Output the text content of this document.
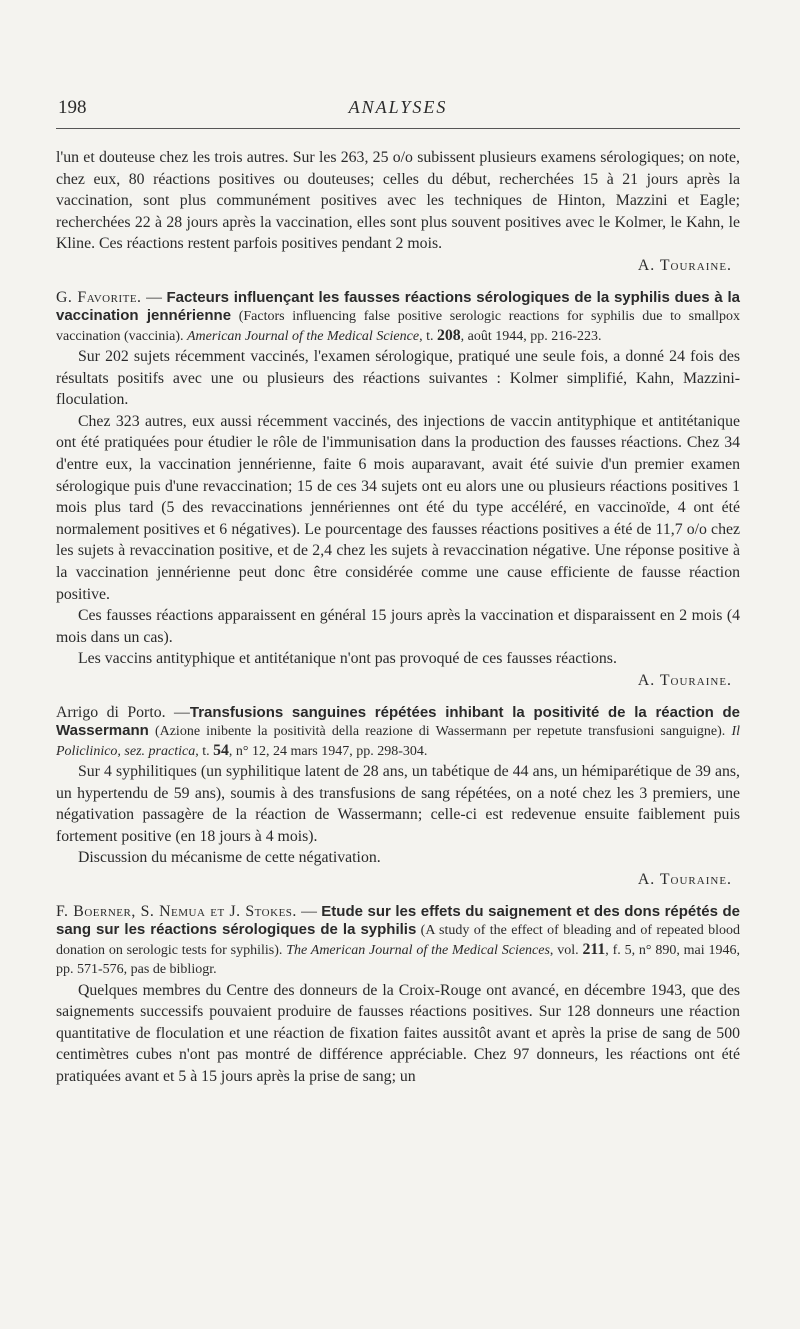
198	ANALYSES

l'un et douteuse chez les trois autres. Sur les 263, 25 o/o subissent plusieurs examens sérologiques; on note, chez eux, 80 réactions positives ou douteuses; celles du début, recherchées 15 à 21 jours après la vaccination, sont plus communément positives avec les techniques de Hinton, Mazzini et Eagle; recherchées 22 à 28 jours après la vaccination, elles sont plus souvent positives avec le Kolmer, le Kahn, le Kline. Ces réactions restent parfois positives pendant 2 mois.

A. Touraine.

G. Favorite. — Facteurs influençant les fausses réactions sérologiques de la syphilis dues à la vaccination jennérienne (Factors influencing false positive serologic reactions for syphilis due to smallpox vaccination (vaccinia). American Journal of the Medical Science, t. 208, août 1944, pp. 216-223.

Sur 202 sujets récemment vaccinés, l'examen sérologique, pratiqué une seule fois, a donné 24 fois des résultats positifs avec une ou plusieurs des réactions suivantes : Kolmer simplifié, Kahn, Mazzini-floculation.

Chez 323 autres, eux aussi récemment vaccinés, des injections de vaccin antityphique et antitétanique ont été pratiquées pour étudier le rôle de l'immunisation dans la production des fausses réactions. Chez 34 d'entre eux, la vaccination jennérienne, faite 6 mois auparavant, avait été suivie d'un premier examen sérologique puis d'une revaccination; 15 de ces 34 sujets ont eu alors une ou plusieurs réactions positives 1 mois plus tard (5 des revaccinations jennériennes ont été du type accéléré, en vaccinoïde, 4 ont été normalement positives et 6 négatives). Le pourcentage des fausses réactions positives a été de 11,7 o/o chez les sujets à revaccination positive, et de 2,4 chez les sujets à revaccination négative. Une réponse positive à la vaccination jennérienne peut donc être considérée comme une cause efficiente de fausse réaction positive.

Ces fausses réactions apparaissent en général 15 jours après la vaccination et disparaissent en 2 mois (4 mois dans un cas).

Les vaccins antityphique et antitétanique n'ont pas provoqué de ces fausses réactions.

A. Touraine.

Arrigo di Porto. —Transfusions sanguines répétées inhibant la positivité de la réaction de Wassermann (Azione inibente la positività della reazione di Wassermann per repetute transfusioni sanguigne). Il Policlinico, sez. practica, t. 54, n° 12, 24 mars 1947, pp. 298-304.

Sur 4 syphilitiques (un syphilitique latent de 28 ans, un tabétique de 44 ans, un hémiparétique de 39 ans, un hypertendu de 59 ans), soumis à des transfusions de sang répétées, on a noté chez les 3 premiers, une négativation passagère de la réaction de Wassermann; celle-ci est redevenue ensuite faiblement puis fortement positive (en 18 jours à 4 mois).

Discussion du mécanisme de cette négativation.

A. Touraine.

F. Boerner, S. Nemua et J. Stokes. — Etude sur les effets du saignement et des dons répétés de sang sur les réactions sérologiques de la syphilis (A study of the effect of bleading and of repeated blood donation on serologic tests for syphilis). The American Journal of the Medical Sciences, vol. 211, f. 5, n° 890, mai 1946, pp. 571-576, pas de bibliogr.

Quelques membres du Centre des donneurs de la Croix-Rouge ont avancé, en décembre 1943, que des saignements successifs pouvaient produire de fausses réactions positives. Sur 128 donneurs une réaction quantitative de floculation et une réaction de fixation faites aussitôt avant et après la prise de sang de 500 centimètres cubes n'ont pas montré de différence appréciable. Chez 97 donneurs, les réactions ont été pratiquées avant et 5 à 15 jours après la prise de sang; un
